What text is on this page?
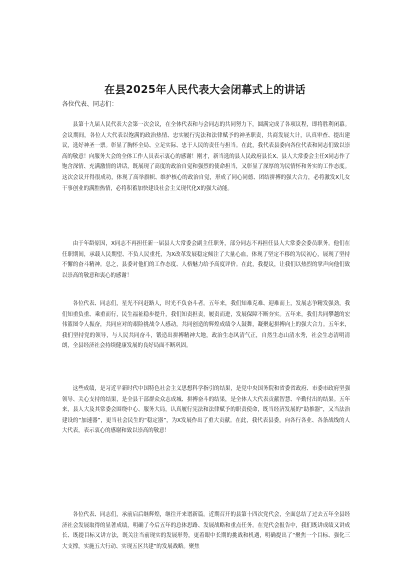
在县2025年人民代表大会闭幕式上的讲话
各位代表、同志们：

县第十九届人民代表大会第一次会议，在全体代表和与会同志的共同努力下，圆满完成了各项议程，即将胜利闭幕。会议期间，各位人大代表以饱满的政治热情、忠实履行宪法和法律赋予的神圣职责，共商发展大计，认真审查、提出建议，选好神圣一票。彰显了胸怀全局、立足实际、忠于人民的责任与担当。在此，我代表县委向各位代表和同志们致以崇高的敬意！向服务大会的全体工作人员表示衷心的感谢！刚才，新当选的县人民政府县长X、县人大常委会主任X同志作了饱含深情、充满激情的讲话，既展现了高度的政治自觉和强烈的使命担当，又彰显了深厚的为民情怀和务实的工作态度。这次会议开得很成功，体现了高举旗帜、维护核心的政治自觉，形成了同心同德、团结拼搏的强大合力，必将激发X儿女干事创业的满腔热情，必将积蓄加快建设社会主义现代化X的强大动能。

由于年龄原因，X同志不再担任新一届县人大常委会副主任职务，部分同志不再担任县人大常委会委员职务。他们在任职期间，承载人民期望、不负人民重托，为X改革发展稳定倾注了大量心血，体现了坚定不移的为民初心，展现了坚持不懈的奋斗精神。总之，县委对他们的工作态度、人格魅力给予高度评价。在此，我提议，让我们以热烈的掌声向他们致以崇高的敬意和衷心的感谢！

各位代表、同志们，星光不问赶路人，时光不负奋斗者。五年来，我们知难克难、迎难而上，发展志争精发强劲，我们知重负重、乘重而行，民生福祉稳步提升，我们知责担责，履责而进，发展保障不断夯实。五年来，我们共同攀越的宏伟篮图令人振奋，共同应对的艰险挑战令人感动，共同创造的辉煌成绩令人鼓舞，凝聚起拼搏向上的强大合力。五年来，我们坚持党的领导，与人民共同奋斗，锻造出拼搏精神大地，政治生态风清气正，自然生态山清水秀，社会生态清明清朗，全县经济社会持续健康发展的良好局面不断巩固。

这些成绩，是习近平新时代中国特色社会主义思想科学指引的结果，是党中央国务院和省委省政府、市委市政府坚强领导、关心支持的结果，是全县干部群众众志成城、拼搏奋斗的结果，是全体人大代表贡献智慧、辛勤付出的结果。五年来，县人大及其常委会围绕中心、服务大局，认真履行宪法和法律赋予的职责使命，既当经济发展的“助推器”，又当法治建设的“加速器”，更当社会民生的“稳定器”，为X发展作出了重大贡献。在此，我代表县委，向各行各业、各条战线的人大代表，表示衷心的感谢和致以崇高的敬意！

各位代表、同志们，承前启后继辉煌，继往开来谱新篇。近期召开的县第十四次党代会，全面总结了过去五年全县经济社会发展取得的显著成绩，明确了今后五年的总体思路、发展战略和重点任务。在党代会报告中，我们既讲成绩又讲成长、既提目标又讲方法，既关注当前现实的发展形势，更着眼中长期的挑战和机遇，明确提出了“聚焦一个目标、强化三大支撑，实施五大行动、实现五区共建”的发展战略。聚焦
